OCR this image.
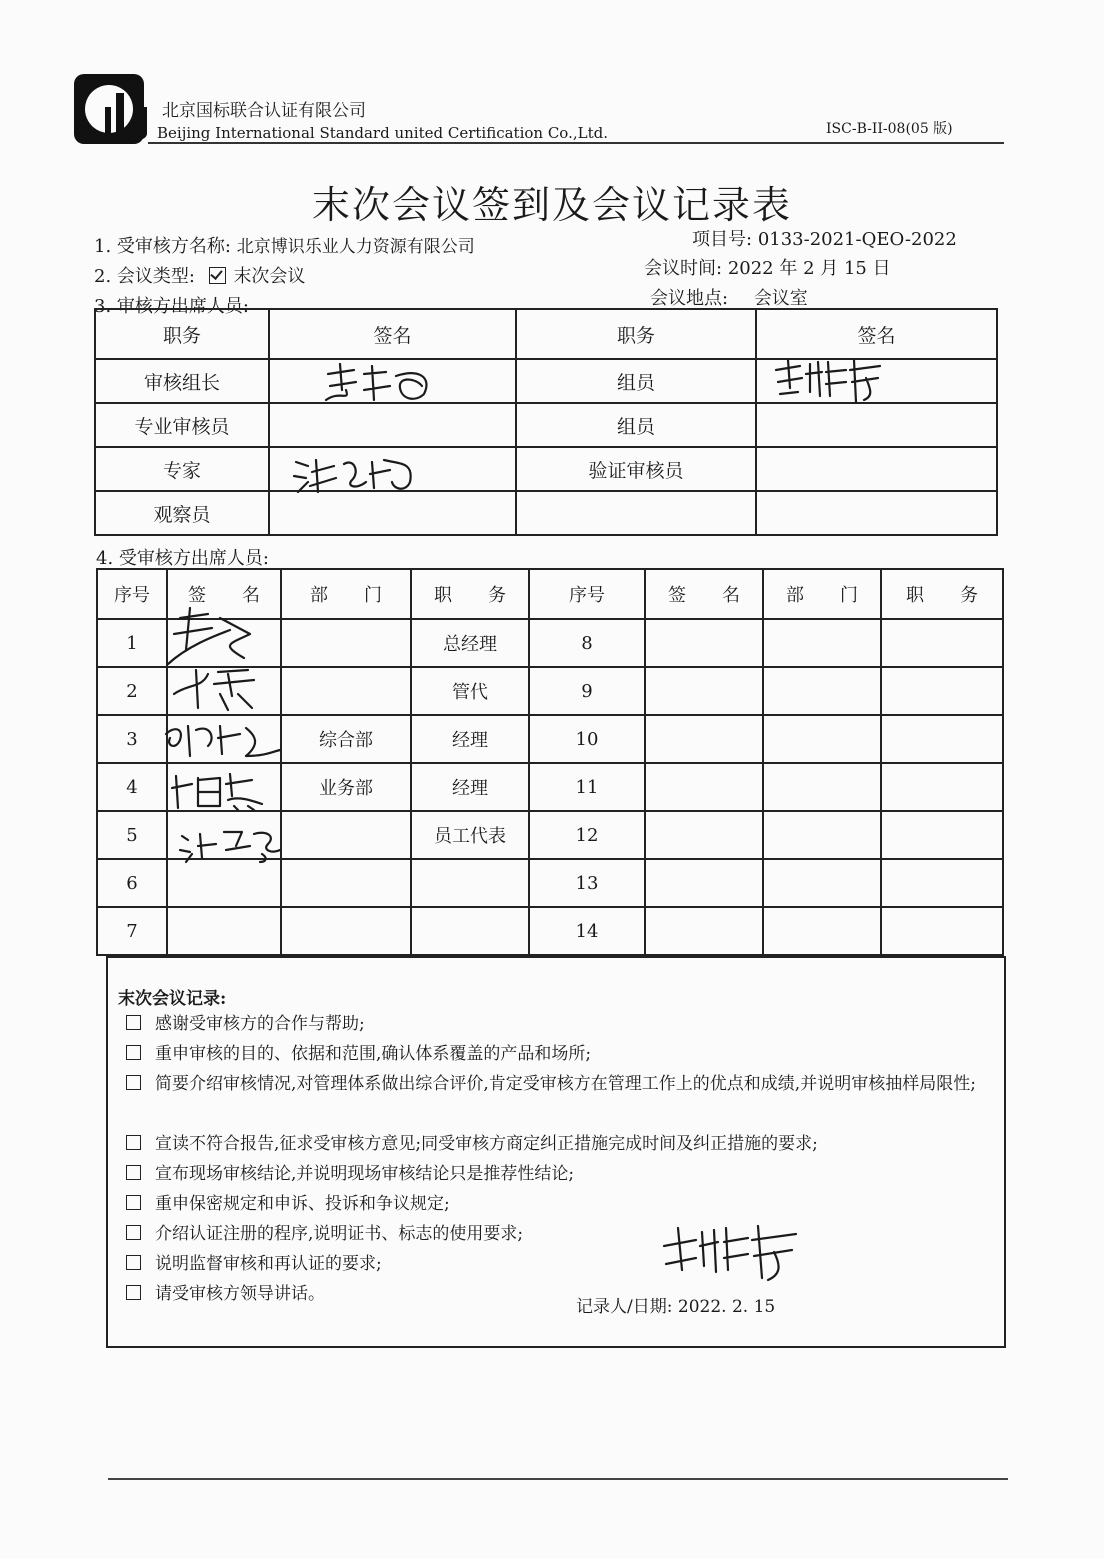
北京国标联合认证有限公司
Beijing International Standard united Certification Co.,Ltd.	ISC-B-II-08(05 版)
末次会议签到及会议记录表
1. 受审核方名称: 北京博识乐业人力资源有限公司	项目号: 0133-2021-QEO-2022
2. 会议类型: 末次会议	会议时间: 2022 年 2 月 15 日
3. 审核方出席人员:	会议地点: 会议室
职务	签名	职务	签名
审核组长		组员	
专业审核员		组员	
专家		验证审核员	
观察员			
4. 受审核方出席人员:
序号	签　　名	部　　门	职　　务	序号	签　　名	部　　门	职　　务
1			总经理	8			
2			管代	9			
3		综合部	经理	10			
4		业务部	经理	11			
5			员工代表	12			
6				13			
7				14			
末次会议记录:
感谢受审核方的合作与帮助;
重申审核的目的、依据和范围,确认体系覆盖的产品和场所;
简要介绍审核情况,对管理体系做出综合评价,肯定受审核方在管理工作上的优点和成绩,并说明审核抽样局限性;
宣读不符合报告,征求受审核方意见;同受审核方商定纠正措施完成时间及纠正措施的要求;
宣布现场审核结论,并说明现场审核结论只是推荐性结论;
重申保密规定和申诉、投诉和争议规定;
介绍认证注册的程序,说明证书、标志的使用要求;
说明监督审核和再认证的要求;
请受审核方领导讲话。
记录人/日期: 2022. 2. 15
